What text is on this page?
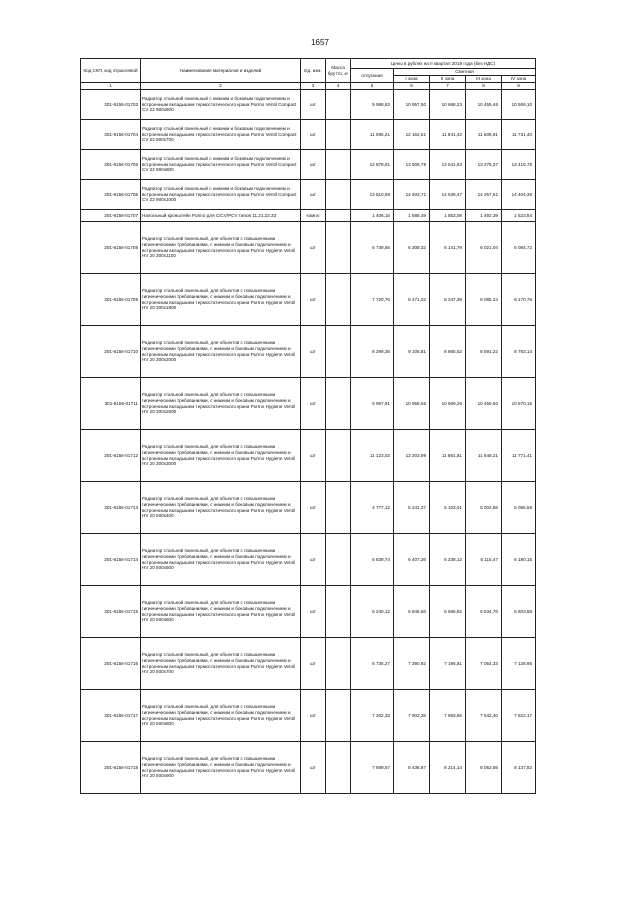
1657
Код СКП, код отраслевой	Наименование материалов и изделий	Ед. изм.	Масса брутто, кг	Цены в рублях на II квартал 2019 года (без НДС)				
				отпускная	Сметная			
					I зона	II зона	III зона	IV зона
1	2	3	4	5	6	7	8	9
301-8156-01703	Радиатор стальной панельный с нижним и боковым подключением и встроенным вкладышем термостатического крана Purmo Ventil Compact CV 22 900x600	шт		9 988,63	10 957,50	10 668,23	10 455,46	10 569,10
301-8156-01704	Радиатор стальной панельный с нижним и боковым подключением и встроенным вкладышем термостатического крана Purmo Ventil Compact CV 22 900x700	шт		11 085,21	12 162,51	11 841,42	11 608,61	11 731,40
301-8156-01705	Радиатор стальной панельный с нижним и боковым подключением и встроенным вкладышем термостатического крана Purmo Ventil Compact CV 22 900x800	шт		12 878,61	13 908,79	13 541,63	13 275,37	13 415,78
301-8156-01706	Радиатор стальной панельный с нижним и боковым подключением и встроенным вкладышем термостатического крана Purmo Ventil Compact CV 22 900x1000	шт		13 610,98	14 933,71	14 539,47	14 257,61	14 404,36
301-8156-01707	Напольный кронштейн Purmo для C/CV/PCV типов 11,21,22,33	компл		1 406,15	1 588,49	1 553,08	1 492,39	1 523,84
301-8156-01708	Радиатор стальной панельный, для объектов с повышенными гигиеническими требованиями, с нижним и боковым подключением и встроенным вкладышем термостатического крана Purmo Hygiene Ventil HV 20 300x1100	шт		5 749,56	6 308,32	6 141,79	6 021,04	6 084,72
301-8156-01709	Радиатор стальной панельный, для объектов с повышенными гигиеническими требованиями, с нижним и боковым подключением и встроенным вкладышем термостатического крана Purmo Hygiene Ventil HV 20 300x1800	шт		7 720,76	8 471,02	8 247,39	8 085,24	8 170,76
301-8156-01710	Радиатор стальной панельный, для объектов с повышенными гигиеническими требованиями, с нижним и боковым подключением и встроенным вкладышем термостатического крана Purmo Hygiene Ventil HV 20 300x2000	шт		8 299,35	9 105,81	8 865,52	8 691,22	8 783,14
301-8156-01711	Радиатор стальной панельный, для объектов с повышенными гигиеническими требованиями, с нижним и боковым подключением и встроенным вкладышем термостатического крана Purmo Hygiene Ventil HV 20 300x2600	шт		9 987,91	10 958,56	10 669,26	10 459,50	10 570,15
301-8156-01712	Радиатор стальной панельный, для объектов с повышенными гигиеническими требованиями, с нижним и боковым подключением и встроенным вкладышем термостатического крана Purmo Hygiene Ventil HV 20 300x3000	шт		11 123,02	12 203,99	11 881,81	11 648,21	11 771,41
301-8156-01713	Радиатор стальной панельный, для объектов с повышенными гигиеническими требованиями, с нижним и боковым подключением и встроенным вкладышем термостатического крана Purmo Hygiene Ventil HV 20 500x400	шт		4 777,12	5 241,37	5 103,01	5 002,68	5 055,59
301-8156-01714	Радиатор стальной панельный, для объектов с повышенными гигиеническими требованиями, с нижним и боковым подключением и встроенным вкладышем термостатического крана Purmo Hygiene Ventil HV 20 500x500	шт		5 839,74	6 407,26	6 238,12	6 115,47	6 180,15
301-8156-01715	Радиатор стальной панельный, для объектов с повышенными гигиеническими требованиями, с нижним и боковым подключением и встроенным вкладышем термостатического крана Purmo Hygiene Ventil HV 20 500x600	шт		6 240,12	6 846,56	6 665,82	6 534,76	6 603,88
301-8156-01716	Радиатор стальной панельный, для объектов с повышенными гигиеническими требованиями, с нижним и боковым подключением и встроенным вкладышем термостатического крана Purmo Hygiene Ventil HV 20 500x700	шт		6 736,27	7 390,92	7 195,81	7 054,33	7 128,95
301-8156-01717	Радиатор стальной панельный, для объектов с повышенными гигиеническими требованиями, с нижним и боковым подключением и встроенным вкладышем термостатического крана Purmo Hygiene Ventil HV 20 500x800	шт		7 202,33	7 902,28	7 693,66	7 542,40	7 622,17
301-8156-01718	Радиатор стальной панельный, для объектов с повышенными гигиеническими требованиями, с нижним и боковым подключением и встроенным вкладышем термостатического крана Purmo Hygiene Ventil HV 20 500x900	шт		7 689,57	8 436,87	8 214,14	8 052,65	8 137,82
